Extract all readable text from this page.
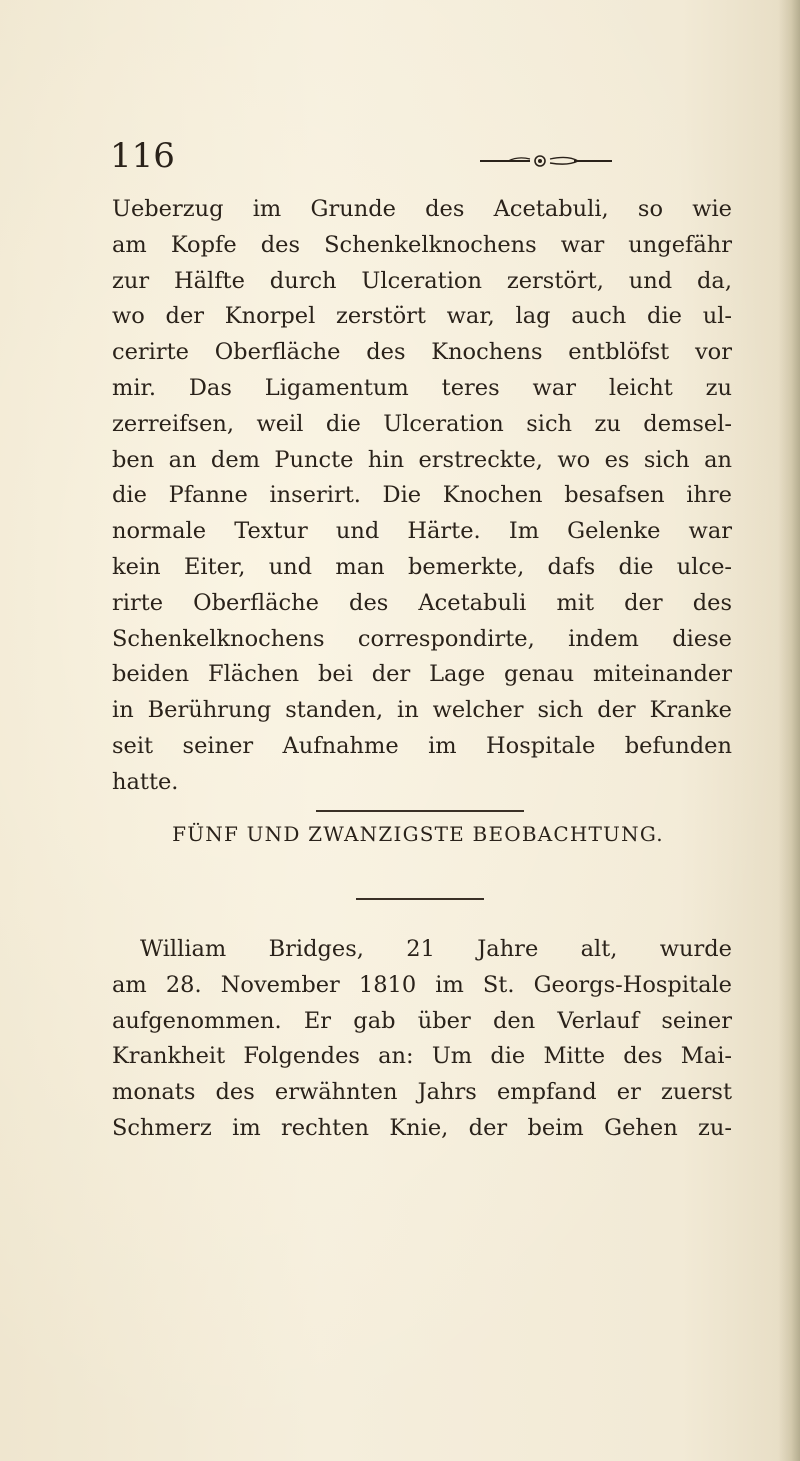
116
Ueberzug im Grunde des Acetabuli, so wie
am Kopfe des Schenkelknochens war ungefähr
zur Hälfte durch Ulceration zerstört, und da,
wo der Knorpel zerstört war, lag auch die ul-
cerirte Oberfläche des Knochens entblöfst vor
mir. Das Ligamentum teres war leicht zu
zerreifsen, weil die Ulceration sich zu demsel-
ben an dem Puncte hin erstreckte, wo es sich an
die Pfanne inserirt. Die Knochen besafsen ihre
normale Textur und Härte. Im Gelenke war
kein Eiter, und man bemerkte, dafs die ulce-
rirte Oberfläche des Acetabuli mit der des
Schenkelknochens correspondirte, indem diese
beiden Flächen bei der Lage genau miteinander
in Berührung standen, in welcher sich der Kranke
seit seiner Aufnahme im Hospitale befunden
hatte.
FÜNF UND ZWANZIGSTE BEOBACHTUNG.
William Bridges, 21 Jahre alt, wurde
am 28. November 1810 im St. Georgs-Hospitale
aufgenommen. Er gab über den Verlauf seiner
Krankheit Folgendes an: Um die Mitte des Mai-
monats des erwähnten Jahrs empfand er zuerst
Schmerz im rechten Knie, der beim Gehen zu-
